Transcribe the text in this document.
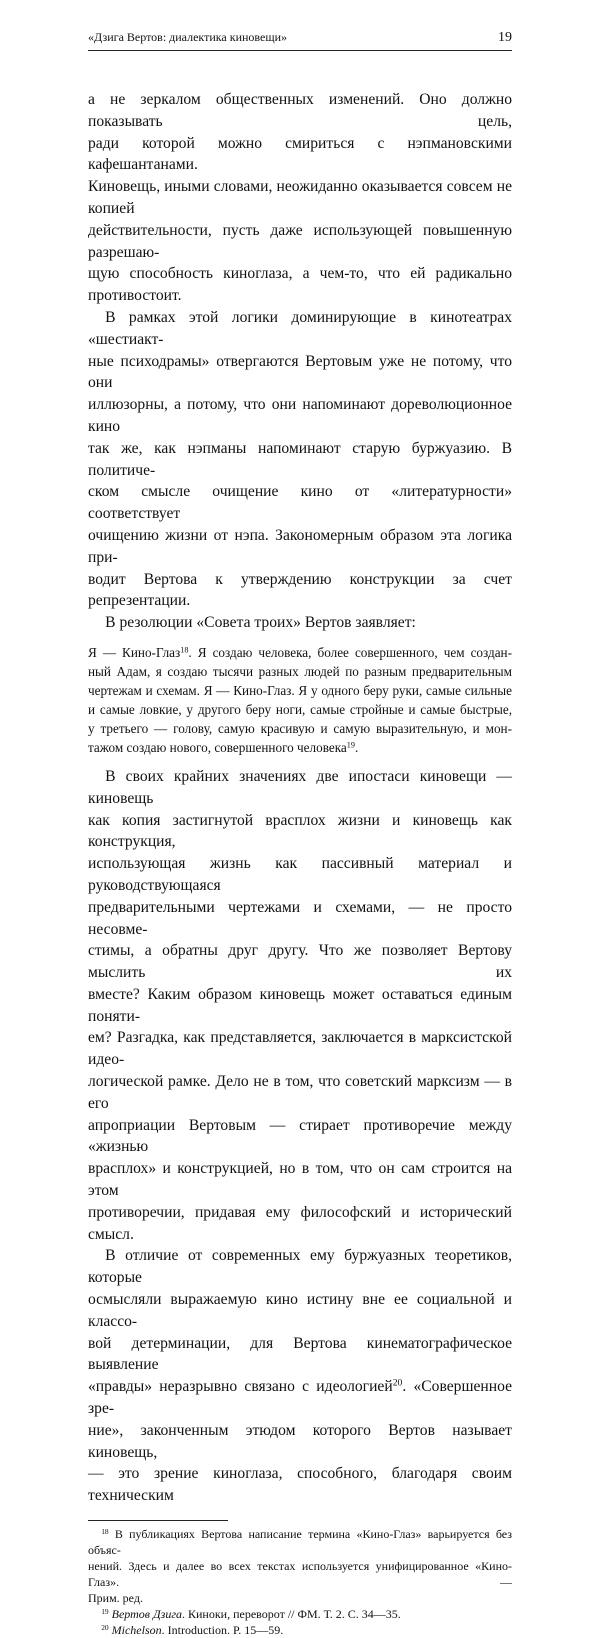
«Дзига Вертов: диалектика киновещи»	19

а не зеркалом общественных изменений. Оно должно показывать цель,

ради которой можно смириться с нэпмановскими кафешантанами.

Киновещь, иными словами, неожиданно оказывается совсем не копией

действительности, пусть даже использующей повышенную разрешаю-

щую способность киноглаза, а чем-то, что ей радикально противостоит.

В рамках этой логики доминирующие в кинотеатрах «шестиакт-

ные психодрамы» отвергаются Вертовым уже не потому, что они

иллюзорны, а потому, что они напоминают дореволюционное кино

так же, как нэпманы напоминают старую буржуазию. В политиче-

ском смысле очищение кино от «литературности» соответствует

очищению жизни от нэпа. Закономерным образом эта логика при-

водит Вертова к утверждению конструкции за счет репрезентации.

В резолюции «Совета троих» Вертов заявляет:

Я — Кино-Глаз$^{18}$. Я создаю человека, более совершенного, чем создан-

ный Адам, я создаю тысячи разных людей по разным предварительным

чертежам и схемам. Я — Кино-Глаз. Я у одного беру руки, самые сильные

и самые ловкие, у другого беру ноги, самые стройные и самые быстрые,

у третьего — голову, самую красивую и самую выразительную, и мон-

тажом создаю нового, совершенного человека$^{19}$.

В своих крайних значениях две ипостаси киновещи — киновещь

как копия застигнутой врасплох жизни и киновещь как конструкция,

использующая жизнь как пассивный материал и руководствующаяся

предварительными чертежами и схемами, — не просто несовме-

стимы, а обратны друг другу. Что же позволяет Вертову мыслить их

вместе? Каким образом киновещь может оставаться единым поняти-

ем? Разгадка, как представляется, заключается в марксистской идео-

логической рамке. Дело не в том, что советский марксизм — в его

апроприации Вертовым — стирает противоречие между «жизнью

врасплох» и конструкцией, но в том, что он сам строится на этом

противоречии, придавая ему философский и исторический смысл.

В отличие от современных ему буржуазных теоретиков, которые

осмысляли выражаемую кино истину вне ее социальной и классо-

вой детерминации, для Вертова кинематографическое выявление

«правды» неразрывно связано с идеологией$^{20}$. «Совершенное зре-

ние», законченным этюдом которого Вертов называет киновещь,

— это зрение киноглаза, способного, благодаря своим техническим

$^{18}$ В публикациях Вертова написание термина «Кино-Глаз» варьируется без объяс-

нений. Здесь и далее во всех текстах используется унифицированное «Кино-Глаз». —

Прим. ред.

$^{19}$ Вертов Дзига. Киноки, переворот // ФМ. Т. 2. С. 34—35.

$^{20}$ Michelson. Introduction. P. 15—59.
